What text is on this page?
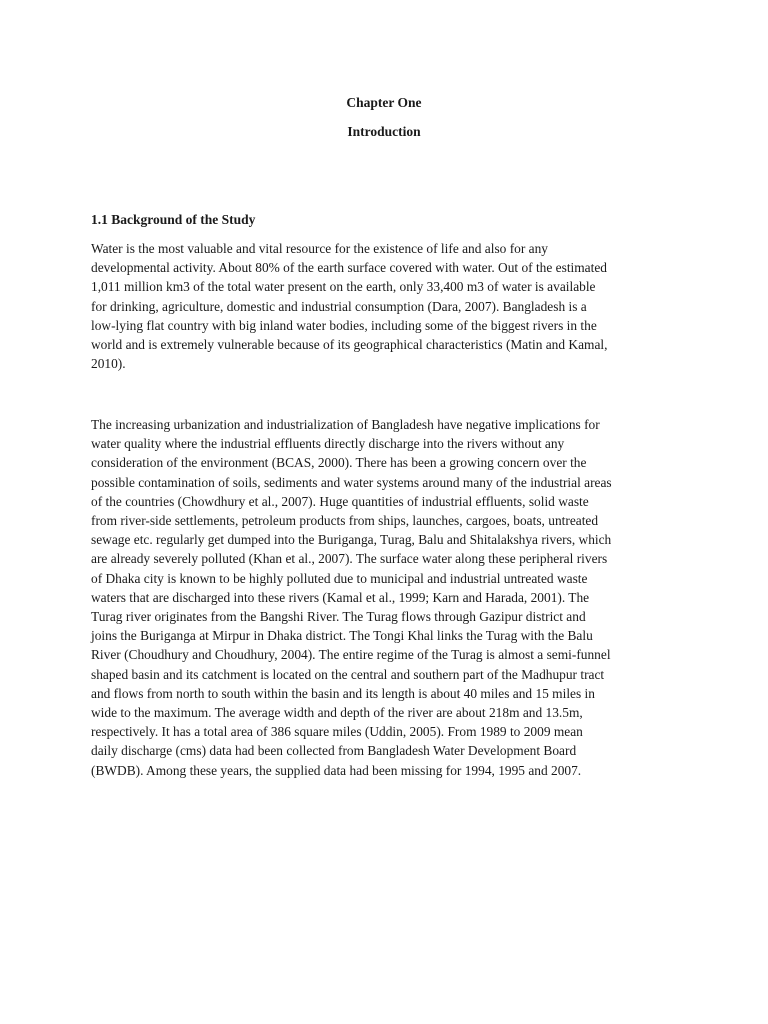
Chapter One
Introduction
1.1 Background of the Study

Water is the most valuable and vital resource for the existence of life and also for any
developmental activity. About 80% of the earth surface covered with water. Out of the estimated
1,011 million km3 of the total water present on the earth, only 33,400 m3 of water is available
for drinking, agriculture, domestic and industrial consumption (Dara, 2007). Bangladesh is a
low-lying flat country with big inland water bodies, including some of the biggest rivers in the
world and is extremely vulnerable because of its geographical characteristics (Matin and Kamal,
2010).

The increasing urbanization and industrialization of Bangladesh have negative implications for
water quality where the industrial effluents directly discharge into the rivers without any
consideration of the environment (BCAS, 2000). There has been a growing concern over the
possible contamination of soils, sediments and water systems around many of the industrial areas
of the countries (Chowdhury et al., 2007). Huge quantities of industrial effluents, solid waste
from river-side settlements, petroleum products from ships, launches, cargoes, boats, untreated
sewage etc. regularly get dumped into the Buriganga, Turag, Balu and Shitalakshya rivers, which
are already severely polluted (Khan et al., 2007). The surface water along these peripheral rivers
of Dhaka city is known to be highly polluted due to municipal and industrial untreated waste
waters that are discharged into these rivers (Kamal et al., 1999; Karn and Harada, 2001). The
Turag river originates from the Bangshi River. The Turag flows through Gazipur district and
joins the Buriganga at Mirpur in Dhaka district. The Tongi Khal links the Turag with the Balu
River (Choudhury and Choudhury, 2004). The entire regime of the Turag is almost a semi-funnel
shaped basin and its catchment is located on the central and southern part of the Madhupur tract
and flows from north to south within the basin and its length is about 40 miles and 15 miles in
wide to the maximum. The average width and depth of the river are about 218m and 13.5m,
respectively. It has a total area of 386 square miles (Uddin, 2005). From 1989 to 2009 mean
daily discharge (cms) data had been collected from Bangladesh Water Development Board
(BWDB). Among these years, the supplied data had been missing for 1994, 1995 and 2007.
